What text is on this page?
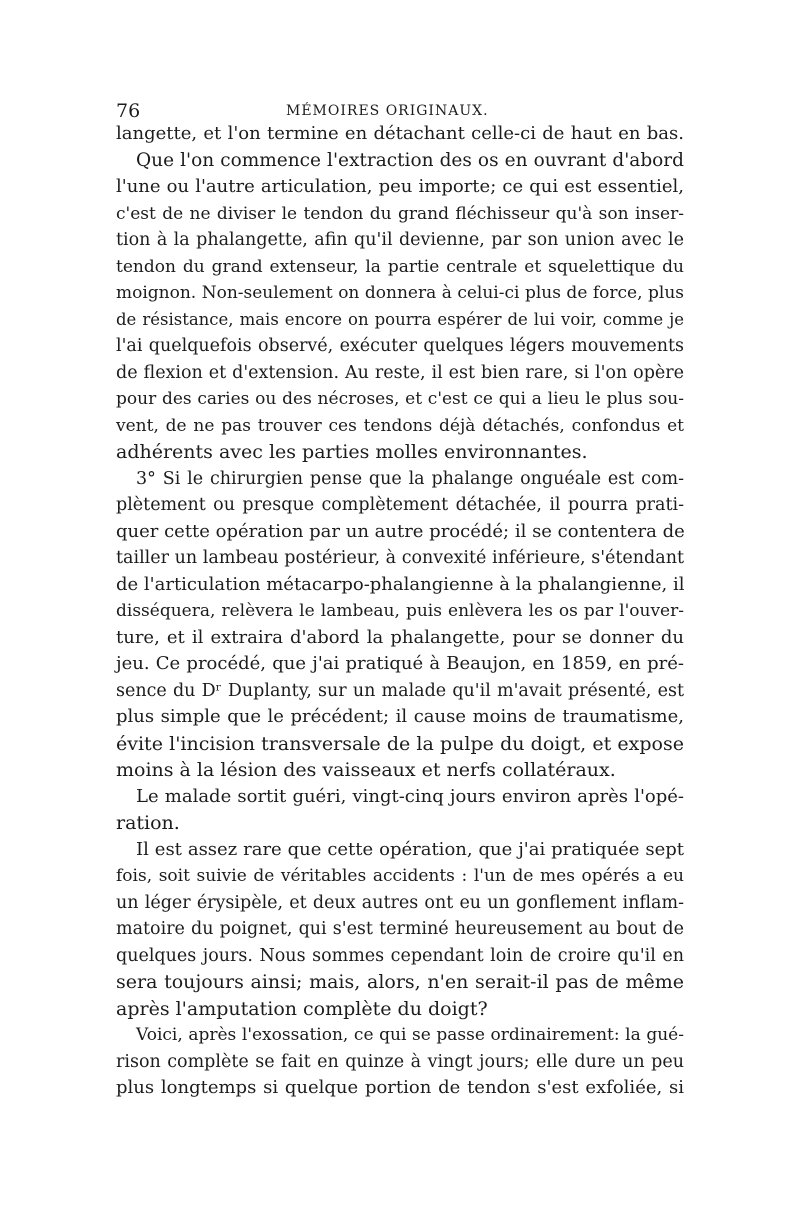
76	MÉMOIRES ORIGINAUX.
langette, et l'on termine en détachant celle-ci de haut en bas.
Que l'on commence l'extraction des os en ouvrant d'abord
l'une ou l'autre articulation, peu importe; ce qui est essentiel,
c'est de ne diviser le tendon du grand fléchisseur qu'à son inser-
tion à la phalangette, afin qu'il devienne, par son union avec le
tendon du grand extenseur, la partie centrale et squelettique du
moignon. Non-seulement on donnera à celui-ci plus de force, plus
de résistance, mais encore on pourra espérer de lui voir, comme je
l'ai quelquefois observé, exécuter quelques légers mouvements
de flexion et d'extension. Au reste, il est bien rare, si l'on opère
pour des caries ou des nécroses, et c'est ce qui a lieu le plus sou-
vent, de ne pas trouver ces tendons déjà détachés, confondus et
adhérents avec les parties molles environnantes.
3° Si le chirurgien pense que la phalange onguéale est com-
plètement ou presque complètement détachée, il pourra prati-
quer cette opération par un autre procédé; il se contentera de
tailler un lambeau postérieur, à convexité inférieure, s'étendant
de l'articulation métacarpo-phalangienne à la phalangienne, il
disséquera, relèvera le lambeau, puis enlèvera les os par l'ouver-
ture, et il extraira d'abord la phalangette, pour se donner du
jeu. Ce procédé, que j'ai pratiqué à Beaujon, en 1859, en pré-
sence du Dʳ Duplanty, sur un malade qu'il m'avait présenté, est
plus simple que le précédent; il cause moins de traumatisme,
évite l'incision transversale de la pulpe du doigt, et expose
moins à la lésion des vaisseaux et nerfs collatéraux.
Le malade sortit guéri, vingt-cinq jours environ après l'opé-
ration.
Il est assez rare que cette opération, que j'ai pratiquée sept
fois, soit suivie de véritables accidents : l'un de mes opérés a eu
un léger érysipèle, et deux autres ont eu un gonflement inflam-
matoire du poignet, qui s'est terminé heureusement au bout de
quelques jours. Nous sommes cependant loin de croire qu'il en
sera toujours ainsi; mais, alors, n'en serait-il pas de même
après l'amputation complète du doigt?
Voici, après l'exossation, ce qui se passe ordinairement: la gué-
rison complète se fait en quinze à vingt jours; elle dure un peu
plus longtemps si quelque portion de tendon s'est exfoliée, si
